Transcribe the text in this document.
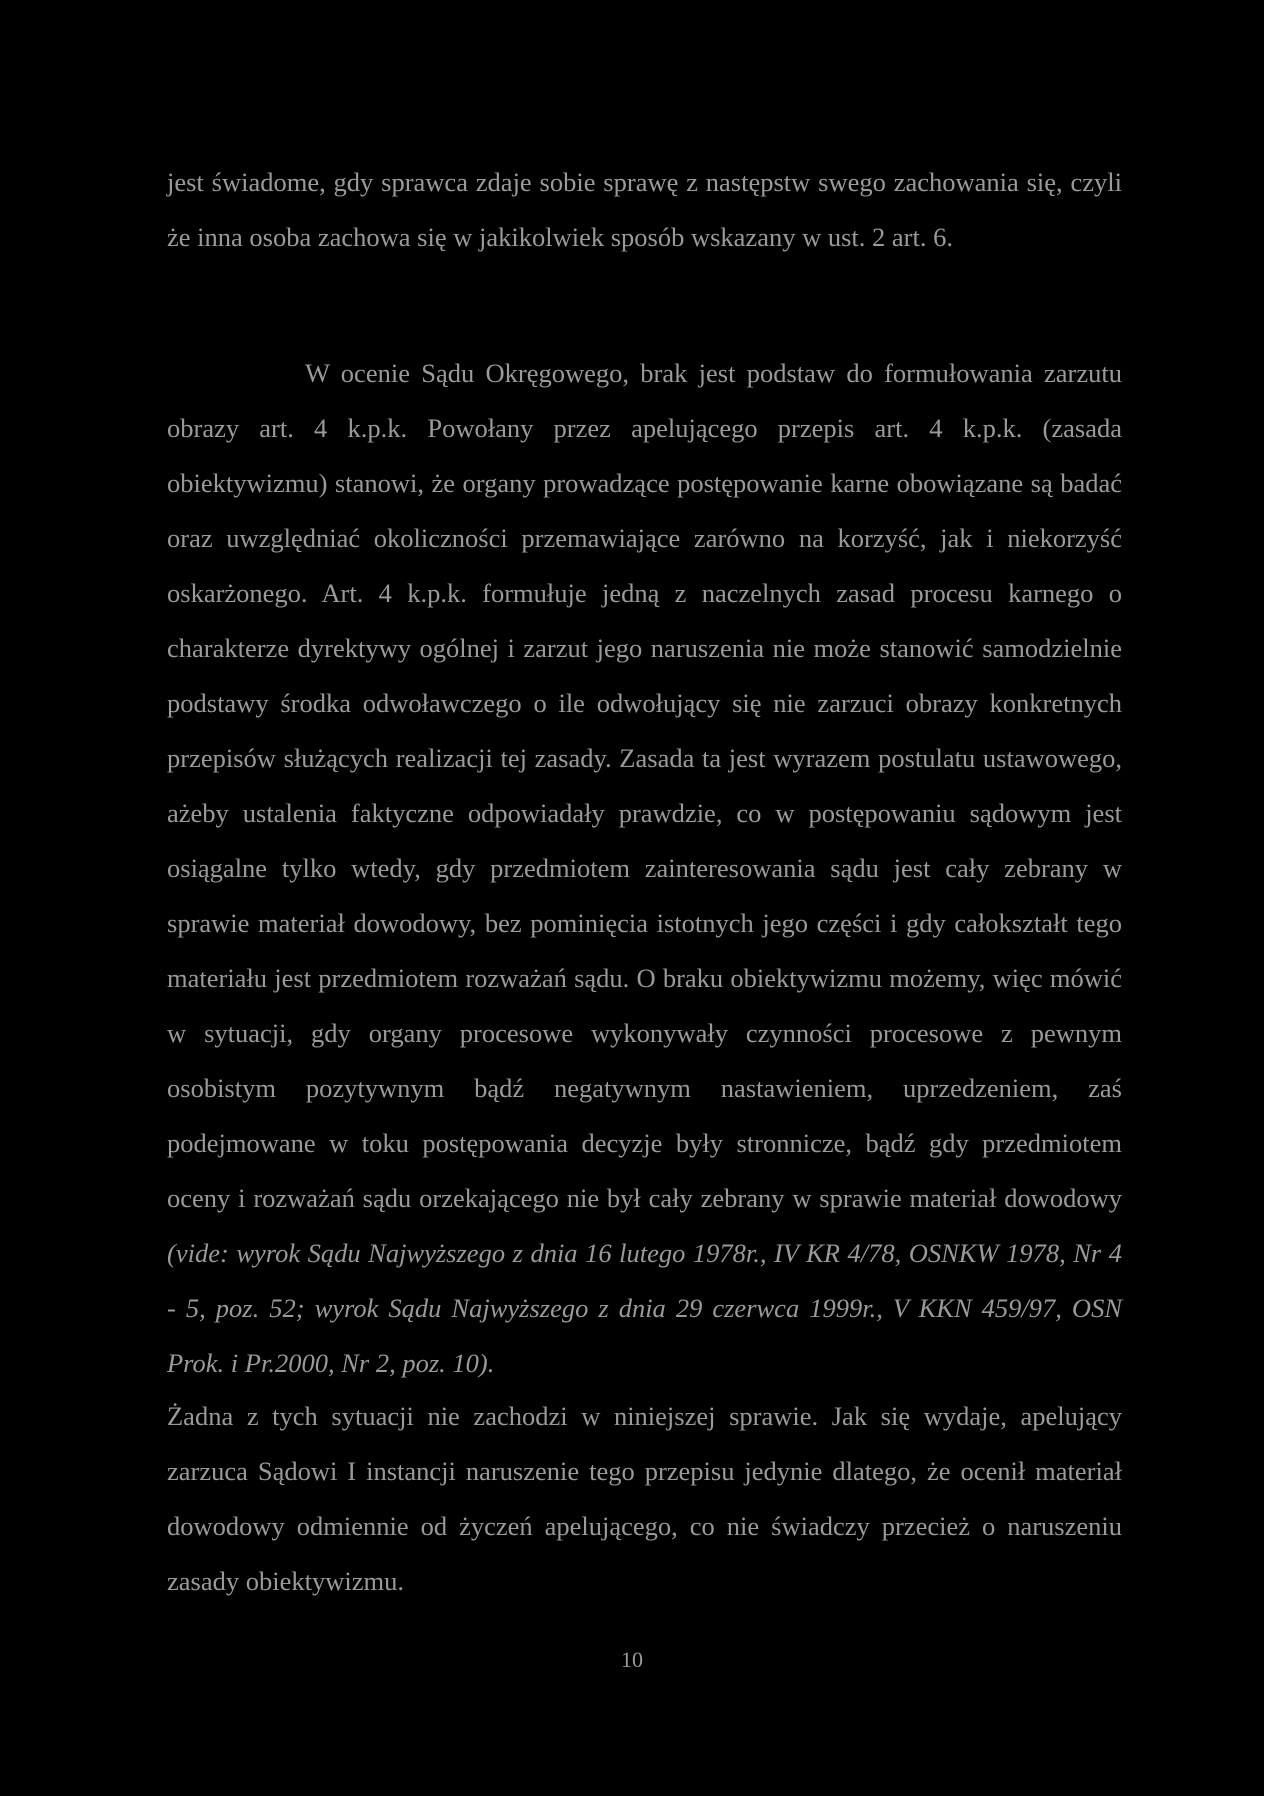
jest świadome, gdy sprawca zdaje sobie sprawę z następstw swego zachowania się, czyli że inna osoba zachowa się w jakikolwiek sposób wskazany w ust. 2 art. 6.

W ocenie Sądu Okręgowego, brak jest podstaw do formułowania zarzutu obrazy art. 4 k.p.k. Powołany przez apelującego przepis art. 4 k.p.k. (zasada obiektywizmu) stanowi, że organy prowadzące postępowanie karne obowiązane są badać oraz uwzględniać okoliczności przemawiające zarówno na korzyść, jak i niekorzyść oskarżonego. Art. 4 k.p.k. formułuje jedną z naczelnych zasad procesu karnego o charakterze dyrektywy ogólnej i zarzut jego naruszenia nie może stanowić samodzielnie podstawy środka odwoławczego o ile odwołujący się nie zarzuci obrazy konkretnych przepisów służących realizacji tej zasady. Zasada ta jest wyrazem postulatu ustawowego, ażeby ustalenia faktyczne odpowiadały prawdzie, co w postępowaniu sądowym jest osiągalne tylko wtedy, gdy przedmiotem zainteresowania sądu jest cały zebrany w sprawie materiał dowodowy, bez pominięcia istotnych jego części i gdy całokształt tego materiału jest przedmiotem rozważań sądu. O braku obiektywizmu możemy, więc mówić w sytuacji, gdy organy procesowe wykonywały czynności procesowe z pewnym osobistym pozytywnym bądź negatywnym nastawieniem, uprzedzeniem, zaś podejmowane w toku postępowania decyzje były stronnicze, bądź gdy przedmiotem oceny i rozważań sądu orzekającego nie był cały zebrany w sprawie materiał dowodowy (vide: wyrok Sądu Najwyższego z dnia 16 lutego 1978r., IV KR 4/78, OSNKW 1978, Nr 4 - 5, poz. 52; wyrok Sądu Najwyższego z dnia 29 czerwca 1999r., V KKN 459/97, OSN Prok. i Pr.2000, Nr 2, poz. 10).

Żadna z tych sytuacji nie zachodzi w niniejszej sprawie. Jak się wydaje, apelujący zarzuca Sądowi I instancji naruszenie tego przepisu jedynie dlatego, że ocenił materiał dowodowy odmiennie od życzeń apelującego, co nie świadczy przecież o naruszeniu zasady obiektywizmu.

10
